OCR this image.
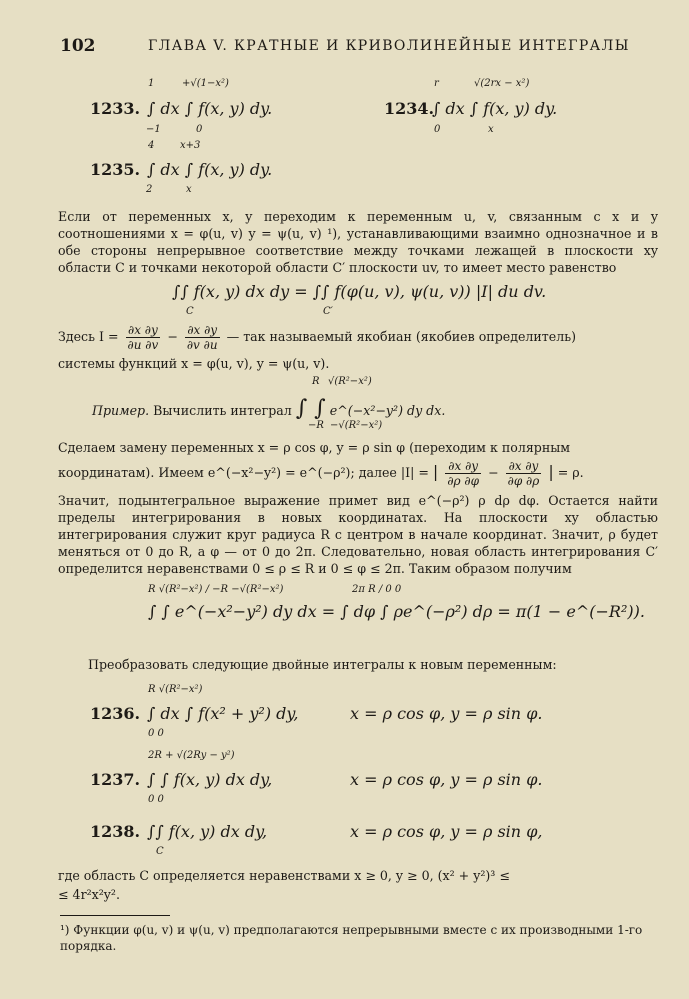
102	ГЛАВА V. КРАТНЫЕ И КРИВОЛИНЕЙНЫЕ ИНТЕГРАЛЫ
1	+√(1−x²)
1233. ∫ dx ∫ f(x, y) dy.
−1	0
r	√(2rx − x²)
1234.
∫ dx ∫ f(x, y) dy.
0	x
4	x+3
1235. ∫ dx ∫ f(x, y) dy.
2	x
Если от переменных x, y переходим к переменным u, v, связанным с x и y соотношениями x = φ(u, v) y = ψ(u, v) ¹), устанавливающими взаимно однозначное и в обе стороны непрерывное соответствие между точками лежащей в плоскости xy области C и точками некоторой области C′ плоскости uv, то имеет место равенство
∫∫ f(x, y) dx dy = ∫∫ f(φ(u, v), ψ(u, v)) |I| du dv.
C	C′
Здесь $I = \frac{\partial x \partial y}{\partial u \partial v} - \frac{\partial x \partial y}{\partial v \partial u}$ — так называемый якобиан (якобиев определитель)
системы функций x = φ(u, v), y = ψ(u, v).
R √(R²−x²)
Пример. Вычислить интеграл ∫ ∫ e^(−x²−y²) dy dx.
−R −√(R²−x²)
Сделаем замену переменных x = ρ cos φ, y = ρ sin φ (переходим к полярным
координатам). Имеем e^(−x²−y²) = e^(−ρ²); далее |I| = | $\frac{\partial x \partial y}{\partial\rho \partial\varphi} - \frac{\partial x \partial y}{\partial\varphi \partial\rho}$ | = ρ.
Значит, подынтегральное выражение примет вид e^(−ρ²) ρ dρ dφ. Остается найти пределы интегрирования в новых координатах. На плоскости xy областью интегрирования служит круг радиуса R с центром в начале координат. Значит, ρ будет меняться от 0 до R, а φ — от 0 до 2π. Следовательно, новая область интегрирования C′ определится неравенствами 0 ≤ ρ ≤ R и 0 ≤ φ ≤ 2π. Таким образом получим
R √(R²−x²) / −R −√(R²−x²)
∫ ∫ e^(−x²−y²) dy dx = ∫ dφ ∫ ρe^(−ρ²) dρ = π(1 − e^(−R²)).
2π R / 0 0
Преобразовать следующие двойные интегралы к новым переменным:
R √(R²−x²)
1236. ∫ dx ∫ f(x² + y²) dy,	x = ρ cos φ, y = ρ sin φ.
0 0
2R + √(2Ry − y²)
1237. ∫ ∫ f(x, y) dx dy,	x = ρ cos φ, y = ρ sin φ.
0 0
1238. ∫∫ f(x, y) dx dy,	x = ρ cos φ, y = ρ sin φ,
C
где область C определяется неравенствами x ≥ 0, y ≥ 0, (x² + y²)³ ≤
≤ 4r²x²y².
¹) Функции φ(u, v) и ψ(u, v) предполагаются непрерывными вместе с их производными 1-го порядка.
